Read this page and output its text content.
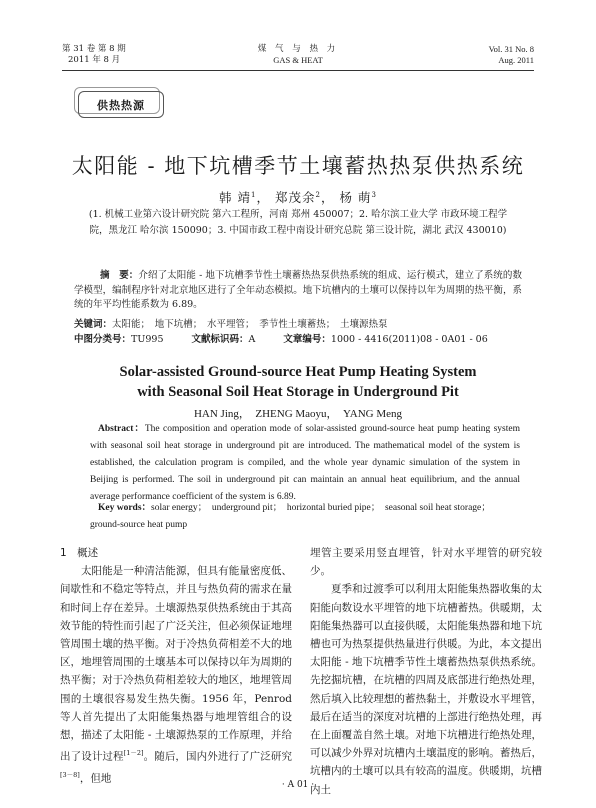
第 31 卷 第 8 期
2011 年 8 月
煤 气 与 热 力
GAS & HEAT
Vol. 31 No. 8
Aug. 2011
供热热源
太阳能 - 地下坑槽季节土壤蓄热热泵供热系统
韩 靖$^1$， 郑茂余$^2$， 杨 萌$^3$
(1. 机械工业第六设计研究院 第六工程所，河南 郑州 450007；2. 哈尔滨工业大学 市政环境工程学院，黑龙江 哈尔滨 150090；3. 中国市政工程中南设计研究总院 第三设计院，湖北 武汉 430010)
摘　要：介绍了太阳能 - 地下坑槽季节性土壤蓄热热泵供热系统的组成、运行模式，建立了系统的数学模型，编制程序针对北京地区进行了全年动态模拟。地下坑槽内的土壤可以保持以年为周期的热平衡，系统的年平均性能系数为 6.89。
关键词：太阳能；　地下坑槽；　水平埋管；　季节性土壤蓄热；　土壤源热泵
中图分类号：TU995	文献标识码：A	文章编号：1000 - 4416(2011)08 - 0A01 - 06
Solar-assisted Ground-source Heat Pump Heating System
with Seasonal Soil Heat Storage in Underground Pit
HAN Jing，　ZHENG Maoyu，　YANG Meng
Abstract：The composition and operation mode of solar-assisted ground-source heat pump heating system with seasonal soil heat storage in underground pit are introduced. The mathematical model of the system is established, the calculation program is compiled, and the whole year dynamic simulation of the system in Beijing is performed. The soil in underground pit can maintain an annual heat equilibrium, and the annual average performance coefficient of the system is 6.89.
Key words：solar energy；　underground pit；　horizontal buried pipe；　seasonal soil heat storage；　ground-source heat pump

1　概述

太阳能是一种清洁能源，但具有能量密度低、间歇性和不稳定等特点，并且与热负荷的需求在量和时间上存在差异。土壤源热泵供热系统由于其高效节能的特性而引起了广泛关注，但必须保证地埋管周围土壤的热平衡。对于冷热负荷相差不大的地区，地埋管周围的土壤基本可以保持以年为周期的热平衡；对于冷热负荷相差较大的地区，地埋管周围的土壤很容易发生热失衡。1956 年，Penrod 等人首先提出了太阳能集热器与地埋管组合的设想，描述了太阳能 - 土壤源热泵的工作原理，并给出了设计过程[1－2]。随后，国内外进行了广泛研究[3－8]，但地

埋管主要采用竖直埋管，针对水平埋管的研究较少。

夏季和过渡季可以利用太阳能集热器收集的太阳能向数设水平埋管的地下坑槽蓄热。供暖期，太阳能集热器可以直接供暖，太阳能集热器和地下坑槽也可为热泵提供热量进行供暖。为此，本文提出太阳能 - 地下坑槽季节性土壤蓄热热泵供热系统。先挖掘坑槽，在坑槽的四周及底部进行绝热处理，然后填入比较理想的蓄热黏土，并敷设水平埋管，最后在适当的深度对坑槽的上部进行绝热处理，再在上面覆盖自然土壤。对地下坑槽进行绝热处理，可以减少外界对坑槽内土壤温度的影响。蓄热后，坑槽内的土壤可以具有较高的温度。供暖期，坑槽内土

· A 01 ·
